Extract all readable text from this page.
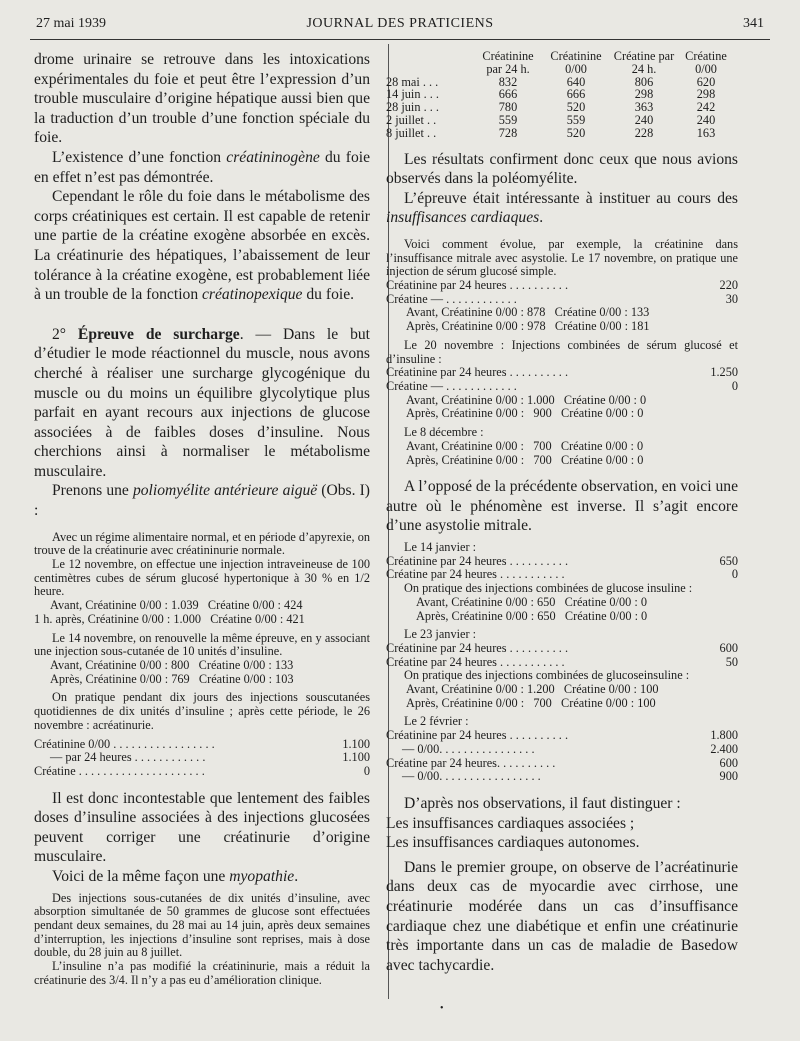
27 mai 1939	JOURNAL DES PRATICIENS	341

drome urinaire se retrouve dans les intoxications expérimentales du foie et peut être l’expression d’un trouble musculaire d’origine hépatique aussi bien que la traduction d’un trouble d’une fonction spéciale du foie.

L’existence d’une fonction créatininogène du foie en effet n’est pas démontrée.

Cependant le rôle du foie dans le métabolisme des corps créatiniques est certain. Il est capable de retenir une partie de la créatine exogène absorbée en excès. La créatinurie des hépatiques, l’abaissement de leur tolérance à la créatine exogène, est probablement liée à un trouble de la fonction créatinopexique du foie.

2° Épreuve de surcharge. — Dans le but d’étudier le mode réactionnel du muscle, nous avons cherché à réaliser une surcharge glycogénique du muscle ou du moins un équilibre glycolytique plus parfait en ayant recours aux injections de glucose associées à de faibles doses d’insuline. Nous cherchions ainsi à normaliser le métabolisme musculaire.

Prenons une poliomyélite antérieure aiguë (Obs. I) :

Avec un régime alimentaire normal, et en période d’apyrexie, on trouve de la créatinurie avec créatininurie normale.

Le 12 novembre, on effectue une injection intraveineuse de 100 centimètres cubes de sérum glucosé hypertonique à 30 % en 1/2 heure.

Avant, Créatinine 0/00 : 1.039   Créatine 0/00 : 424

1 h. après, Créatinine 0/00 : 1.000   Créatine 0/00 : 421

Le 14 novembre, on renouvelle la même épreuve, en y associant une injection sous-cutanée de 10 unités d’insuline.

Avant, Créatinine 0/00 : 800   Créatine 0/00 : 133

Après, Créatinine 0/00 : 769   Créatine 0/00 : 103

On pratique pendant dix jours des injections souscutanées quotidiennes de dix unités d’insuline ; après cette période, le 26 novembre : acréatinurie.

Créatinine 0/00 . . . . . . . . . . . . . . . . .	1.100
— par 24 heures . . . . . . . . . . . .	1.100
Créatine . . . . . . . . . . . . . . . . . . . . .	0

Il est donc incontestable que lentement des faibles doses d’insuline associées à des injections glucosées peuvent corriger une créatinurie d’origine musculaire.

Voici de la même façon une myopathie.

Des injections sous-cutanées de dix unités d’insuline, avec absorption simultanée de 50 grammes de glucose sont effectuées pendant deux semaines, du 28 mai au 14 juin, après deux semaines d’interruption, les injections d’insuline sont reprises, mais à dose double, du 28 juin au 8 juillet.

L’insuline n’a pas modifié la créatininurie, mais a réduit la créatinurie des 3/4. Il n’y a pas eu d’amélioration clinique.

	Créatinine par 24 h.	Créatinine 0/00	Créatine par 24 h.	Créatine 0/00
28 mai . . .	832	640	806	620
14 juin . . .	666	666	298	298
28 juin . . .	780	520	363	242
2 juillet . .	559	559	240	240
8 juillet . .	728	520	228	163

Les résultats confirment donc ceux que nous avions observés dans la poléomyélite.

L’épreuve était intéressante à instituer au cours des insuffisances cardiaques.

Voici comment évolue, par exemple, la créatinine dans l’insuffisance mitrale avec asystolie. Le 17 novembre, on pratique une injection de sérum glucosé simple.

Créatinine par 24 heures . . . . . . . . . .	220
Créatine — . . . . . . . . . . . .	30

Avant, Créatinine 0/00 : 878   Créatine 0/00 : 133

Après, Créatinine 0/00 : 978   Créatine 0/00 : 181

Le 20 novembre : Injections combinées de sérum glucosé et d’insuline :

Créatinine par 24 heures . . . . . . . . . .	1.250
Créatine — . . . . . . . . . . . .	0

Avant, Créatinine 0/00 : 1.000   Créatine 0/00 : 0

Après, Créatinine 0/00 :   900   Créatine 0/00 : 0

Le 8 décembre :

Avant, Créatinine 0/00 :   700   Créatine 0/00 : 0

Après, Créatinine 0/00 :   700   Créatine 0/00 : 0

A l’opposé de la précédente observation, en voici une autre où le phénomène est inverse. Il s’agit encore d’une asystolie mitrale.

Le 14 janvier :

Créatinine par 24 heures . . . . . . . . . .	650
Créatine par 24 heures . . . . . . . . . . .	0

On pratique des injections combinées de glucose insuline :

Avant, Créatinine 0/00 : 650   Créatine 0/00 : 0

Après, Créatinine 0/00 : 650   Créatine 0/00 : 0

Le 23 janvier :

Créatinine par 24 heures . . . . . . . . . .	600
Créatine par 24 heures . . . . . . . . . . .	50

On pratique des injections combinées de glucoseinsuline :

Avant, Créatinine 0/00 : 1.200   Créatine 0/00 : 100

Après, Créatinine 0/00 :   700   Créatine 0/00 : 100

Le 2 février :

Créatinine par 24 heures . . . . . . . . . .	1.800
— 0/00. . . . . . . . . . . . . . . .	2.400
Créatine par 24 heures. . . . . . . . . .	600
— 0/00. . . . . . . . . . . . . . . . .	900

D’après nos observations, il faut distinguer :

Les insuffisances cardiaques associées ;

Les insuffisances cardiaques autonomes.

Dans le premier groupe, on observe de l’acréatinurie dans deux cas de myocardie avec cirrhose, une créatinurie modérée dans un cas d’insuffisance cardiaque chez une diabétique et enfin une créatinurie très importante dans un cas de maladie de Basedow avec tachycardie.

•
